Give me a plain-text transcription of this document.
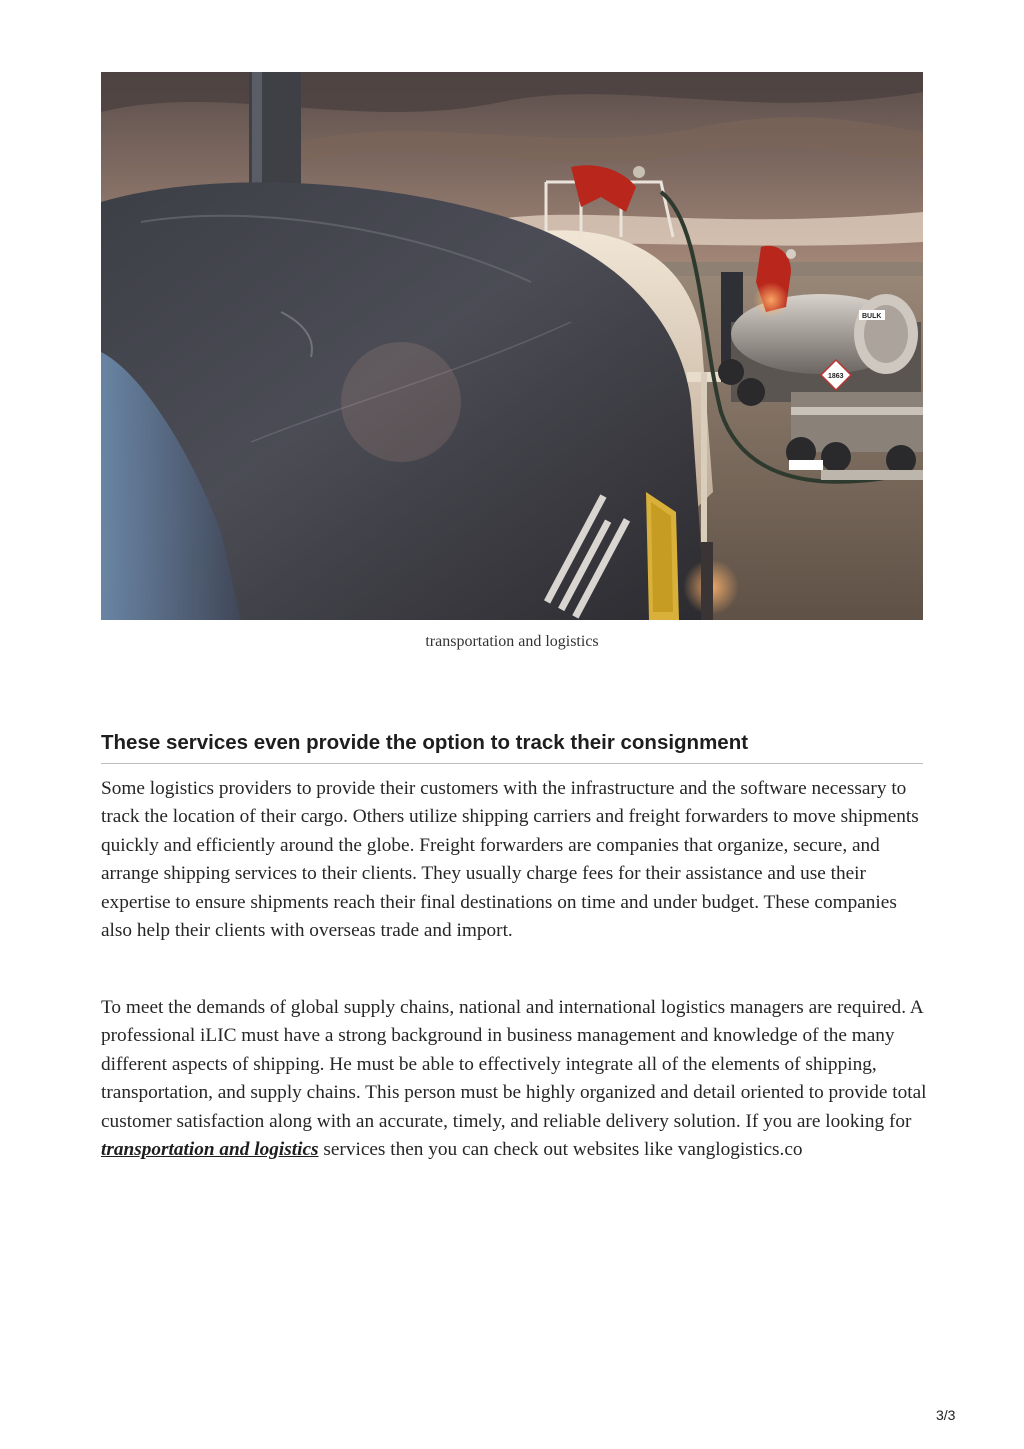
BULK
1863
transportation and logistics
These services even provide the option to track their consignment

Some logistics providers to provide their customers with the infrastructure and the software necessary to track the location of their cargo. Others utilize shipping carriers and freight forwarders to move shipments quickly and efficiently around the globe. Freight forwarders are companies that organize, secure, and arrange shipping services to their clients. They usually charge fees for their assistance and use their expertise to ensure shipments reach their final destinations on time and under budget. These companies also help their clients with overseas trade and import.

To meet the demands of global supply chains, national and international logistics managers are required. A professional iLIC must have a strong background in business management and knowledge of the many different aspects of shipping. He must be able to effectively integrate all of the elements of shipping, transportation, and supply chains. This person must be highly organized and detail oriented to provide total customer satisfaction along with an accurate, timely, and reliable delivery solution. If you are looking for transportation and logistics services then you can check out websites like vanglogistics.co

3/3
